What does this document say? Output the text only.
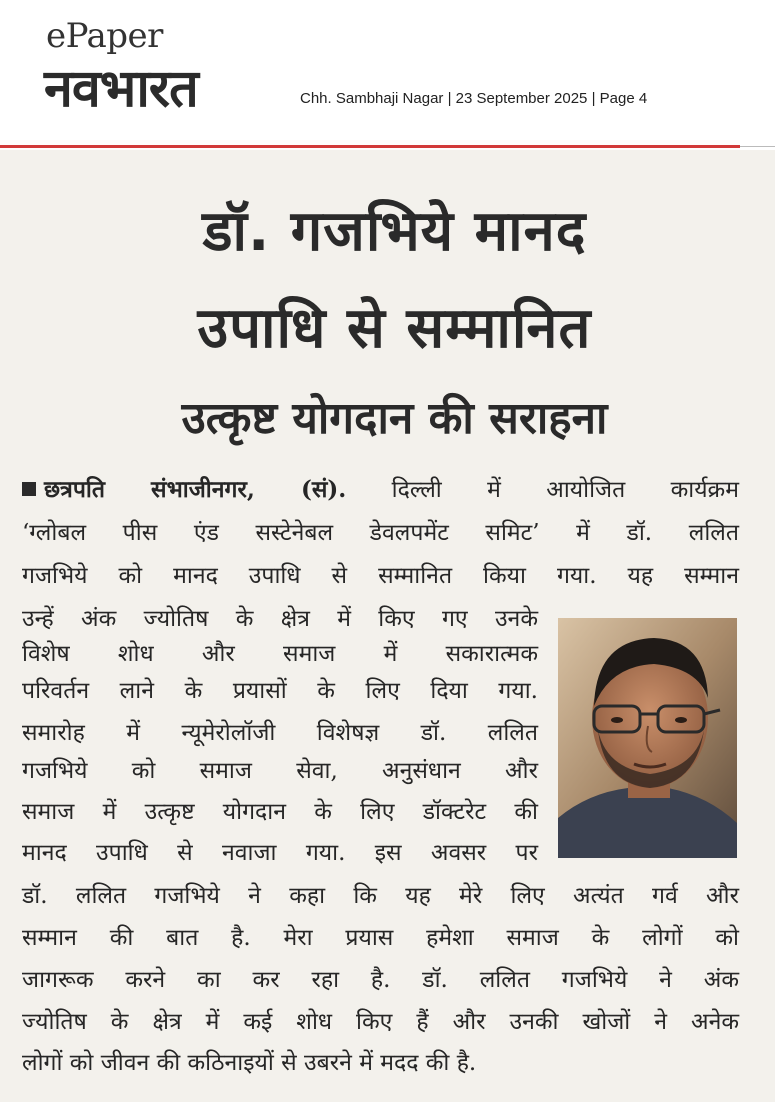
ePaper
नवभारत	Chh. Sambhaji Nagar | 23 September 2025 | Page 4
डॉ. गजभिये मानद
उपाधि से सम्मानित
उत्कृष्ट योगदान की सराहना
छत्रपति संभाजीनगर, (सं). दिल्ली में आयोजित कार्यक्रम
‘ग्लोबल पीस एंड सस्टेनेबल डेवलपमेंट समिट’ में डॉ. ललित
गजभिये को मानद उपाधि से सम्मानित किया गया. यह सम्मान
उन्हें अंक ज्योतिष के क्षेत्र में किए गए उनके
विशेष शोध और समाज में सकारात्मक
परिवर्तन लाने के प्रयासों के लिए दिया गया.
समारोह में न्यूमेरोलॉजी विशेषज्ञ डॉ. ललित
गजभिये को समाज सेवा, अनुसंधान और
समाज में उत्कृष्ट योगदान के लिए डॉक्टरेट की
मानद उपाधि से नवाजा गया. इस अवसर पर
डॉ. ललित गजभिये ने कहा कि यह मेरे लिए अत्यंत गर्व और
सम्मान की बात है. मेरा प्रयास हमेशा समाज के लोगों को
जागरूक करने का कर रहा है. डॉ. ललित गजभिये ने अंक
ज्योतिष के क्षेत्र में कई शोध किए हैं और उनकी खोजों ने अनेक
लोगों को जीवन की कठिनाइयों से उबरने में मदद की है.
